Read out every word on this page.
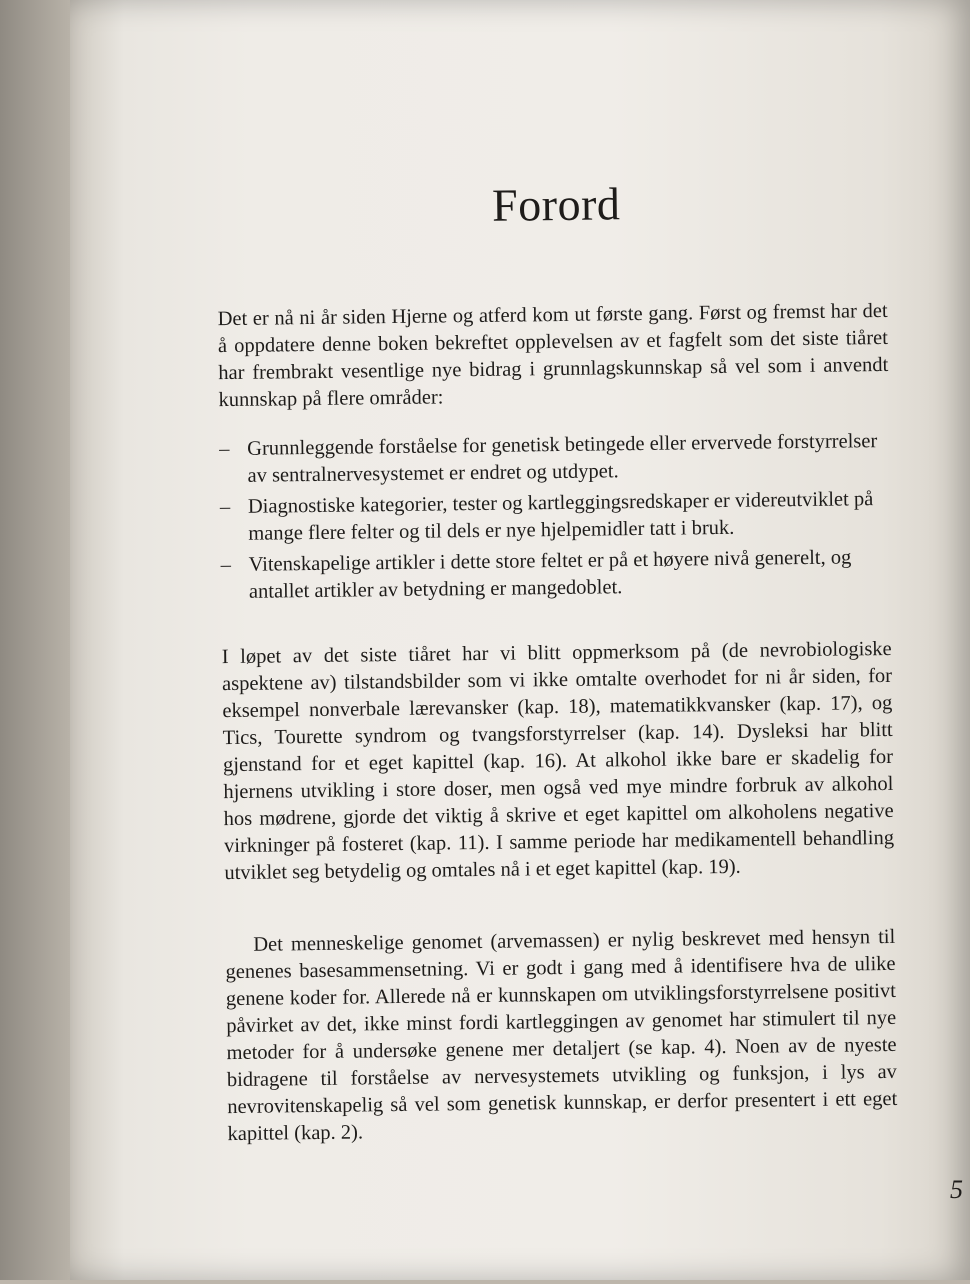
Forord
Det er nå ni år siden Hjerne og atferd kom ut første gang. Først og fremst har det å oppdatere denne boken bekreftet opplevelsen av et fagfelt som det siste tiåret har frembrakt vesentlige nye bidrag i grunnlagskunnskap så vel som i anvendt kunnskap på flere områder:
– Grunnleggende forståelse for genetisk betingede eller ervervede forstyrrelser av sentralnervesystemet er endret og utdypet.
– Diagnostiske kategorier, tester og kartleggingsredskaper er videreutviklet på mange flere felter og til dels er nye hjelpemidler tatt i bruk.
– Vitenskapelige artikler i dette store feltet er på et høyere nivå generelt, og antallet artikler av betydning er mangedoblet.
I løpet av det siste tiåret har vi blitt oppmerksom på (de nevrobiologiske aspektene av) tilstandsbilder som vi ikke omtalte overhodet for ni år siden, for eksempel nonverbale lærevansker (kap. 18), matematikkvansker (kap. 17), og Tics, Tourette syndrom og tvangsforstyrrelser (kap. 14). Dysleksi har blitt gjenstand for et eget kapittel (kap. 16). At alkohol ikke bare er skadelig for hjernens utvikling i store doser, men også ved mye mindre forbruk av alkohol hos mødrene, gjorde det viktig å skrive et eget kapittel om alkoholens negative virkninger på fosteret (kap. 11). I samme periode har medikamentell behandling utviklet seg betydelig og omtales nå i et eget kapittel (kap. 19).
Det menneskelige genomet (arvemassen) er nylig beskrevet med hensyn til genenes basesammensetning. Vi er godt i gang med å identifisere hva de ulike genene koder for. Allerede nå er kunnskapen om utviklingsforstyrrelsene positivt påvirket av det, ikke minst fordi kartleggingen av genomet har stimulert til nye metoder for å undersøke genene mer detaljert (se kap. 4). Noen av de nyeste bidragene til forståelse av nervesystemets utvikling og funksjon, i lys av nevrovitenskapelig så vel som genetisk kunnskap, er derfor presentert i ett eget kapittel (kap. 2).
5
